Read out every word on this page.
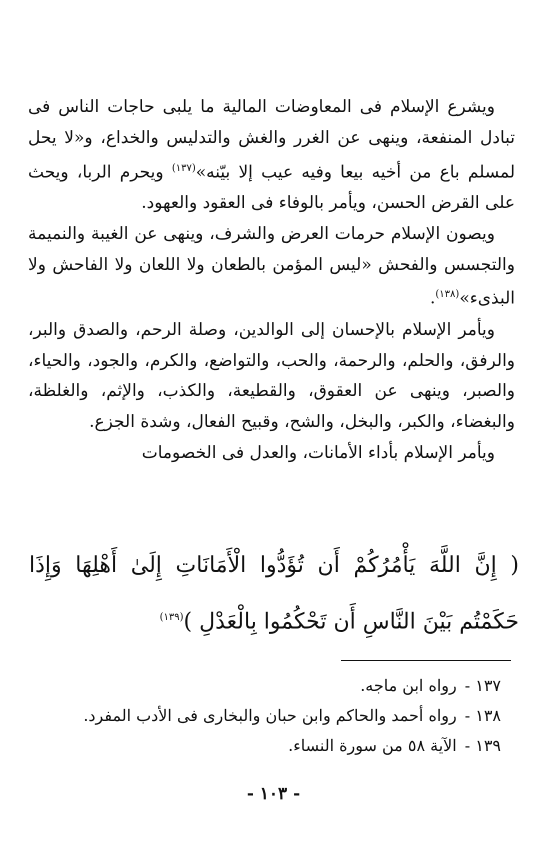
ويشرع الإسلام فى المعاوضات المالية ما يلبى حاجات الناس فى تبادل المنفعة، وينهى عن الغرر والغش والتدليس والخداع، و«لا يحل لمسلم باع من أخيه بيعا وفيه عيب إلا بيّنه»$^{(١٣٧)}$ ويحرم الربا، ويحث على القرض الحسن، ويأمر بالوفاء فى العقود والعهود.

ويصون الإسلام حرمات العرض والشرف، وينهى عن الغيبة والنميمة والتجسس والفحش «ليس المؤمن بالطعان ولا اللعان ولا الفاحش ولا البذىء»$^{(١٣٨)}$.

ويأمر الإسلام بالإحسان إلى الوالدين، وصلة الرحم، والصدق والبر، والرفق، والحلم، والرحمة، والحب، والتواضع، والكرم، والجود، والحياء، والصبر، وينهى عن العقوق، والقطيعة، والكذب، والإثم، والغلظة، والبغضاء، والكبر، والبخل، والشح، وقبيح الفعال، وشدة الجزع.

ويأمر الإسلام بأداء الأمانات، والعدل فى الخصومات

( إِنَّ اللَّهَ يَأْمُرُكُمْ أَن تُؤَدُّوا الْأَمَانَاتِ إِلَىٰ أَهْلِهَا وَإِذَا حَكَمْتُم بَيْنَ النَّاسِ أَن تَحْكُمُوا بِالْعَدْلِ )$^{(١٣٩)}$

١٣٧ -
رواه ابن ماجه.
١٣٨ -
رواه أحمد والحاكم وابن حبان والبخارى فى الأدب المفرد.
١٣٩ -
الآية ٥٨ من سورة النساء.
- ١٠٣ -
